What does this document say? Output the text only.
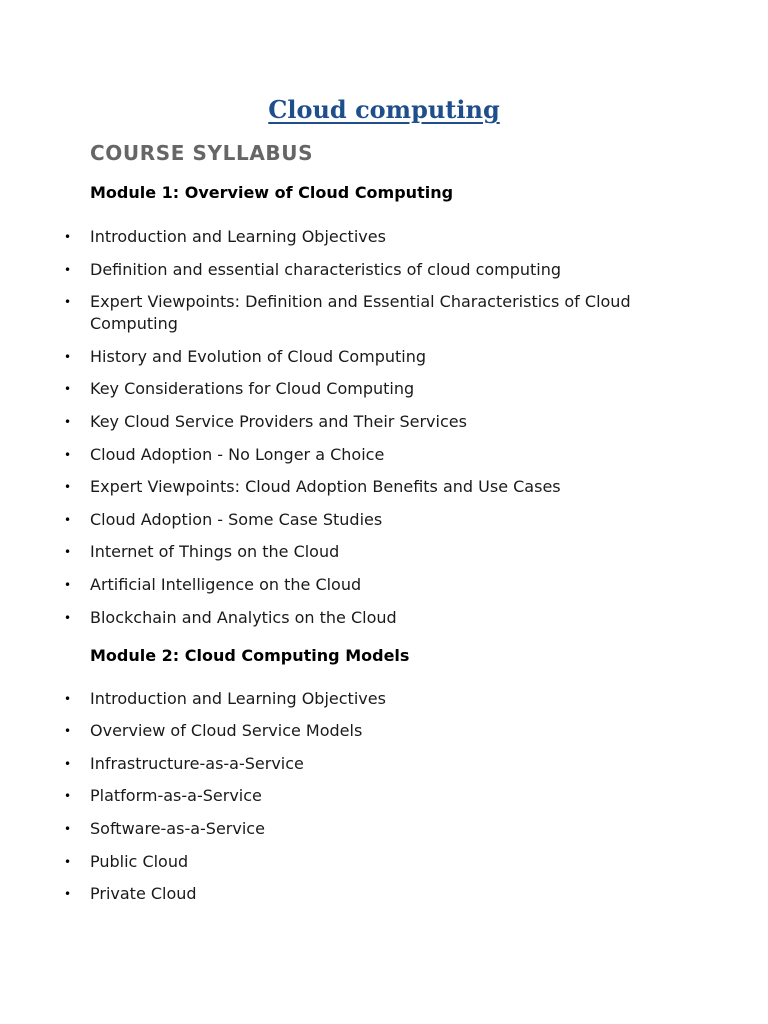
Cloud computing
COURSE SYLLABUS
Module 1: Overview of Cloud Computing
• Introduction and Learning Objectives
• Definition and essential characteristics of cloud computing
• Expert Viewpoints: Definition and Essential Characteristics of Cloud Computing
• History and Evolution of Cloud Computing
• Key Considerations for Cloud Computing
• Key Cloud Service Providers and Their Services
• Cloud Adoption - No Longer a Choice
• Expert Viewpoints: Cloud Adoption Benefits and Use Cases
• Cloud Adoption - Some Case Studies
• Internet of Things on the Cloud
• Artificial Intelligence on the Cloud
• Blockchain and Analytics on the Cloud
Module 2: Cloud Computing Models
• Introduction and Learning Objectives
• Overview of Cloud Service Models
• Infrastructure-as-a-Service
• Platform-as-a-Service
• Software-as-a-Service
• Public Cloud
• Private Cloud
